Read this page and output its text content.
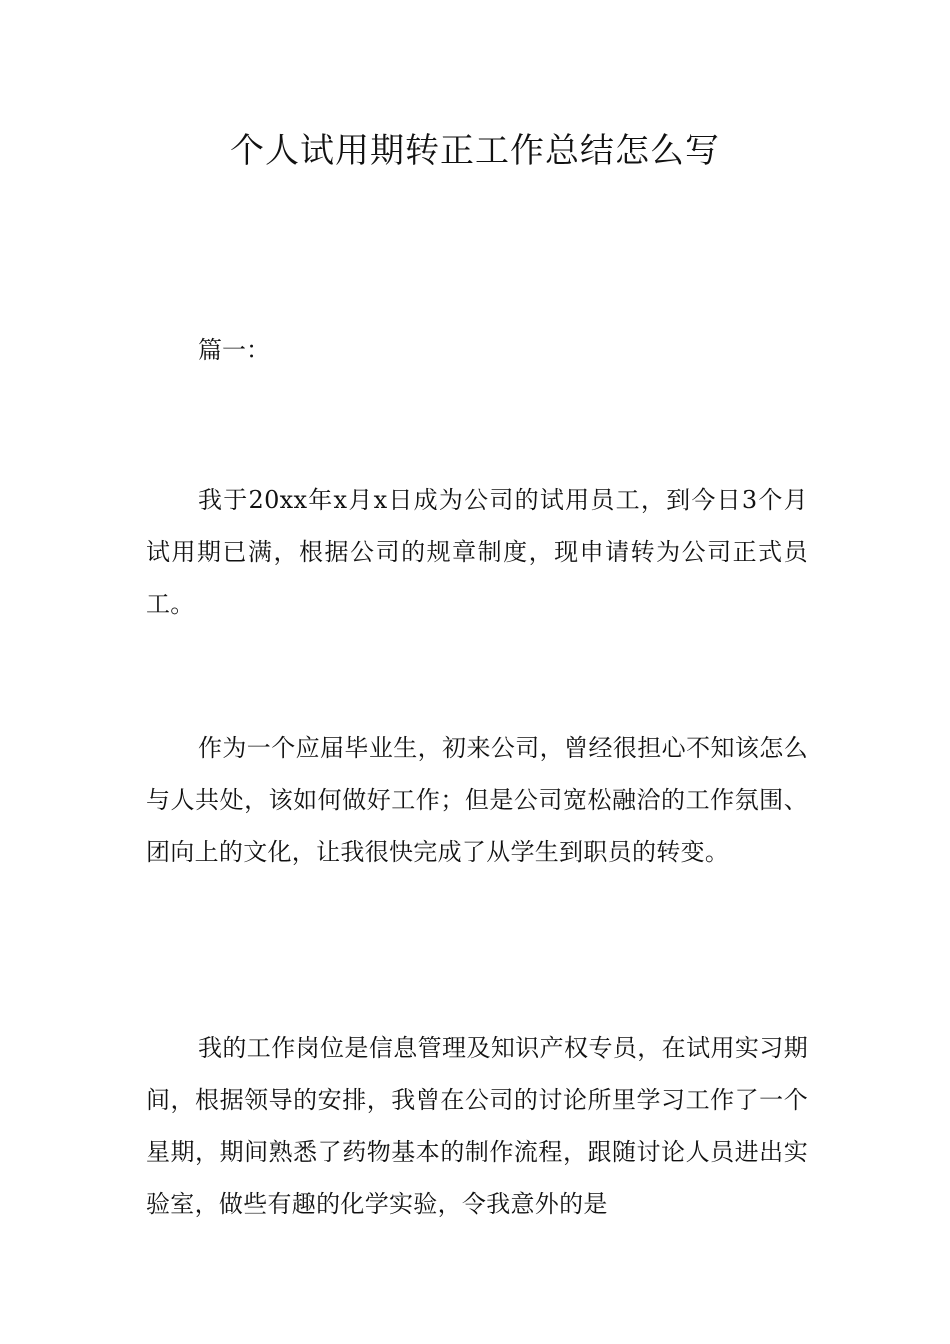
个人试用期转正工作总结怎么写

篇一：

我于20xx年x月x日成为公司的试用员工，到今日3个月试用期已满，根据公司的规章制度，现申请转为公司正式员工。

作为一个应届毕业生，初来公司，曾经很担心不知该怎么与人共处，该如何做好工作；但是公司宽松融洽的工作氛围、团向上的文化，让我很快完成了从学生到职员的转变。

我的工作岗位是信息管理及知识产权专员，在试用实习期间，根据领导的安排，我曾在公司的讨论所里学习工作了一个星期，期间熟悉了药物基本的制作流程，跟随讨论人员进出实验室，做些有趣的化学实验，令我意外的是
